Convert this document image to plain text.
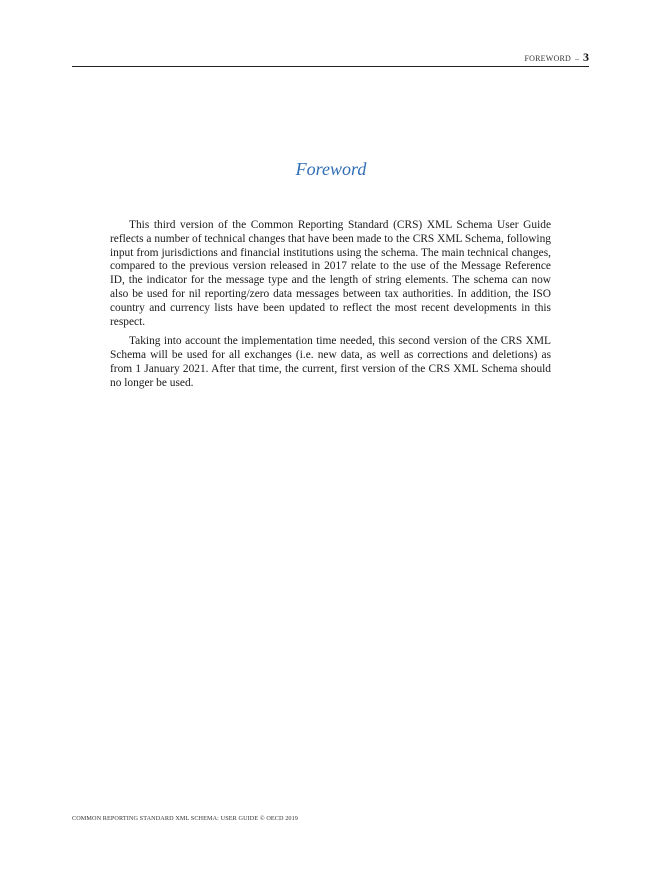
FOREWORD – 3
Foreword

This third version of the Common Reporting Standard (CRS) XML Schema User Guide reflects a number of technical changes that have been made to the CRS XML Schema, following input from jurisdictions and financial institutions using the schema. The main technical changes, compared to the previous version released in 2017 relate to the use of the Message Reference ID, the indicator for the message type and the length of string elements. The schema can now also be used for nil reporting/zero data messages between tax authorities. In addition, the ISO country and currency lists have been updated to reflect the most recent developments in this respect.

Taking into account the implementation time needed, this second version of the CRS XML Schema will be used for all exchanges (i.e. new data, as well as corrections and deletions) as from 1 January 2021. After that time, the current, first version of the CRS XML Schema should no longer be used.

COMMON REPORTING STANDARD XML SCHEMA: USER GUIDE © OECD 2019
